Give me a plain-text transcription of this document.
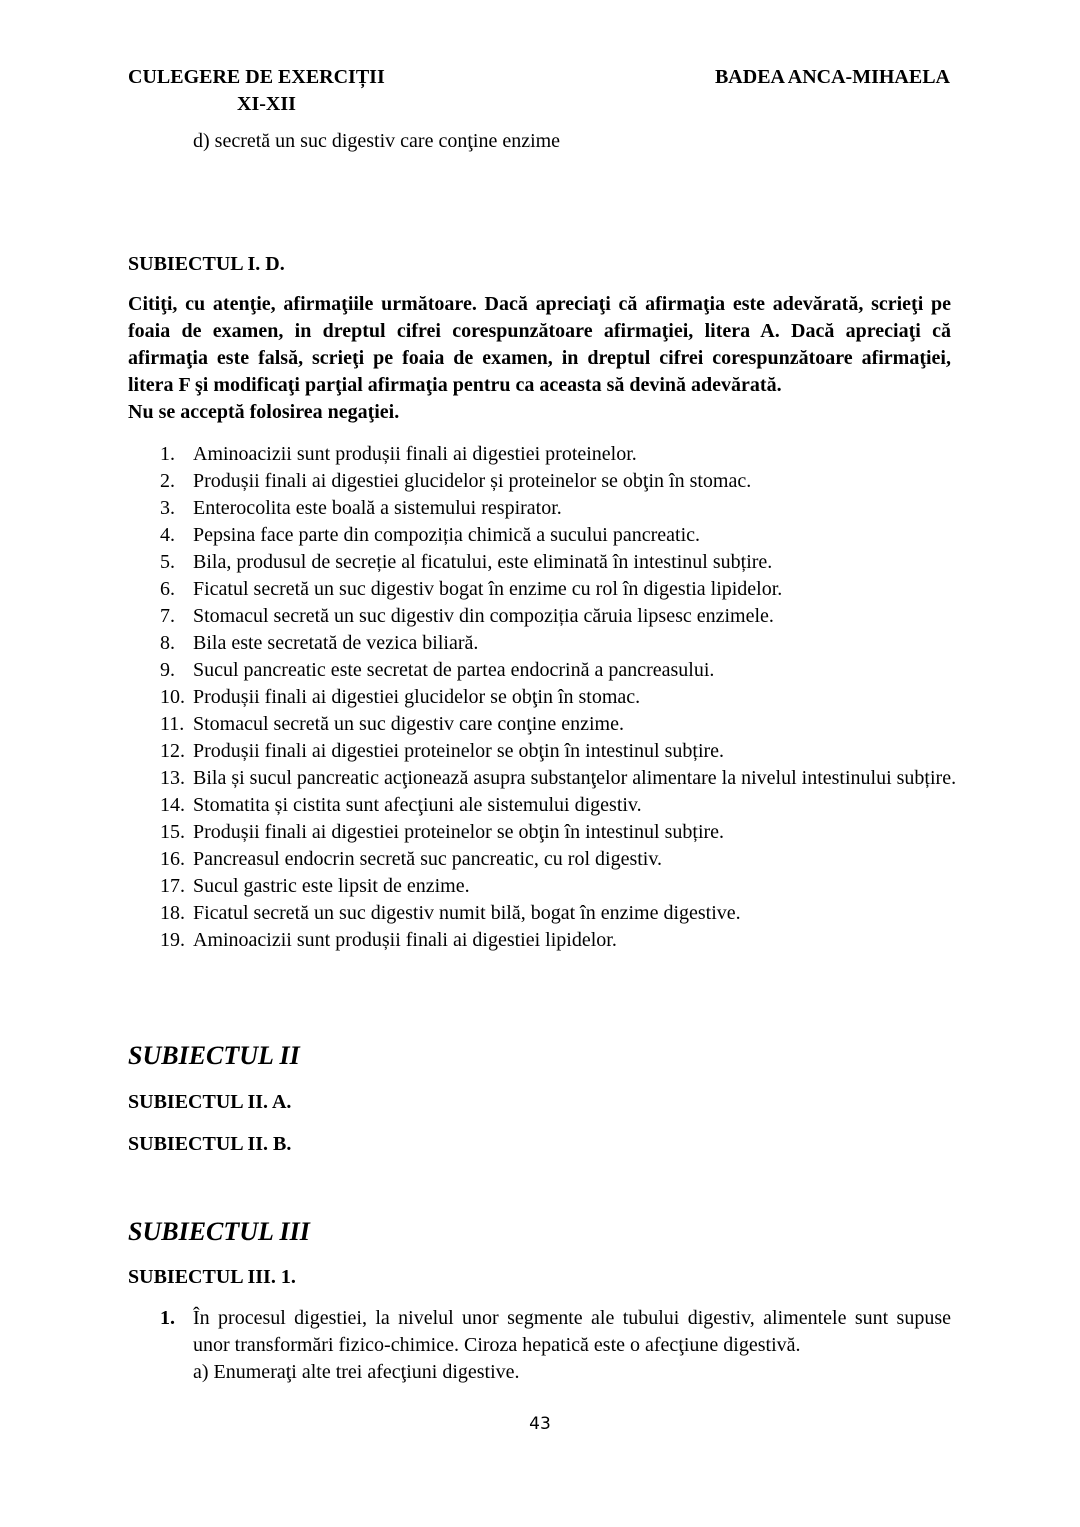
CULEGERE DE EXERCIȚII
XI-XII
BADEA ANCA-MIHAELA
d) secretă un suc digestiv care conţine enzime
SUBIECTUL I. D.
Citiţi, cu atenţie, afirmaţiile următoare. Dacă apreciaţi că afirmaţia este adevărată, scrieţi pe foaia de examen, in dreptul cifrei corespunzătoare afirmaţiei, litera A. Dacă apreciaţi că afirmaţia este falsă, scrieţi pe foaia de examen, in dreptul cifrei corespunzătoare afirmaţiei, litera F şi modificaţi parţial afirmaţia pentru ca aceasta să devină adevărată.
Nu se acceptă folosirea negaţiei.
1. Aminoacizii sunt produșii finali ai digestiei proteinelor.
2. Produșii finali ai digestiei glucidelor și proteinelor se obţin în stomac.
3. Enterocolita este boală a sistemului respirator.
4. Pepsina face parte din compoziția chimică a sucului pancreatic.
5. Bila, produsul de secreție al ficatului, este eliminată în intestinul subțire.
6. Ficatul secretă un suc digestiv bogat în enzime cu rol în digestia lipidelor.
7. Stomacul secretă un suc digestiv din compoziția căruia lipsesc enzimele.
8. Bila este secretată de vezica biliară.
9. Sucul pancreatic este secretat de partea endocrină a pancreasului.
10. Produșii finali ai digestiei glucidelor se obţin în stomac.
11. Stomacul secretă un suc digestiv care conţine enzime.
12. Produșii finali ai digestiei proteinelor se obţin în intestinul subțire.
13. Bila și sucul pancreatic acţionează asupra substanţelor alimentare la nivelul intestinului subțire.
14. Stomatita și cistita sunt afecţiuni ale sistemului digestiv.
15. Produșii finali ai digestiei proteinelor se obţin în intestinul subțire.
16. Pancreasul endocrin secretă suc pancreatic, cu rol digestiv.
17. Sucul gastric este lipsit de enzime.
18. Ficatul secretă un suc digestiv numit bilă, bogat în enzime digestive.
19. Aminoacizii sunt produșii finali ai digestiei lipidelor.
SUBIECTUL II
SUBIECTUL II. A.
SUBIECTUL II. B.
SUBIECTUL III
SUBIECTUL III. 1.
1. În procesul digestiei, la nivelul unor segmente ale tubului digestiv, alimentele sunt supuse unor transformări fizico-chimice. Ciroza hepatică este o afecţiune digestivă.
a) Enumeraţi alte trei afecţiuni digestive.
43
